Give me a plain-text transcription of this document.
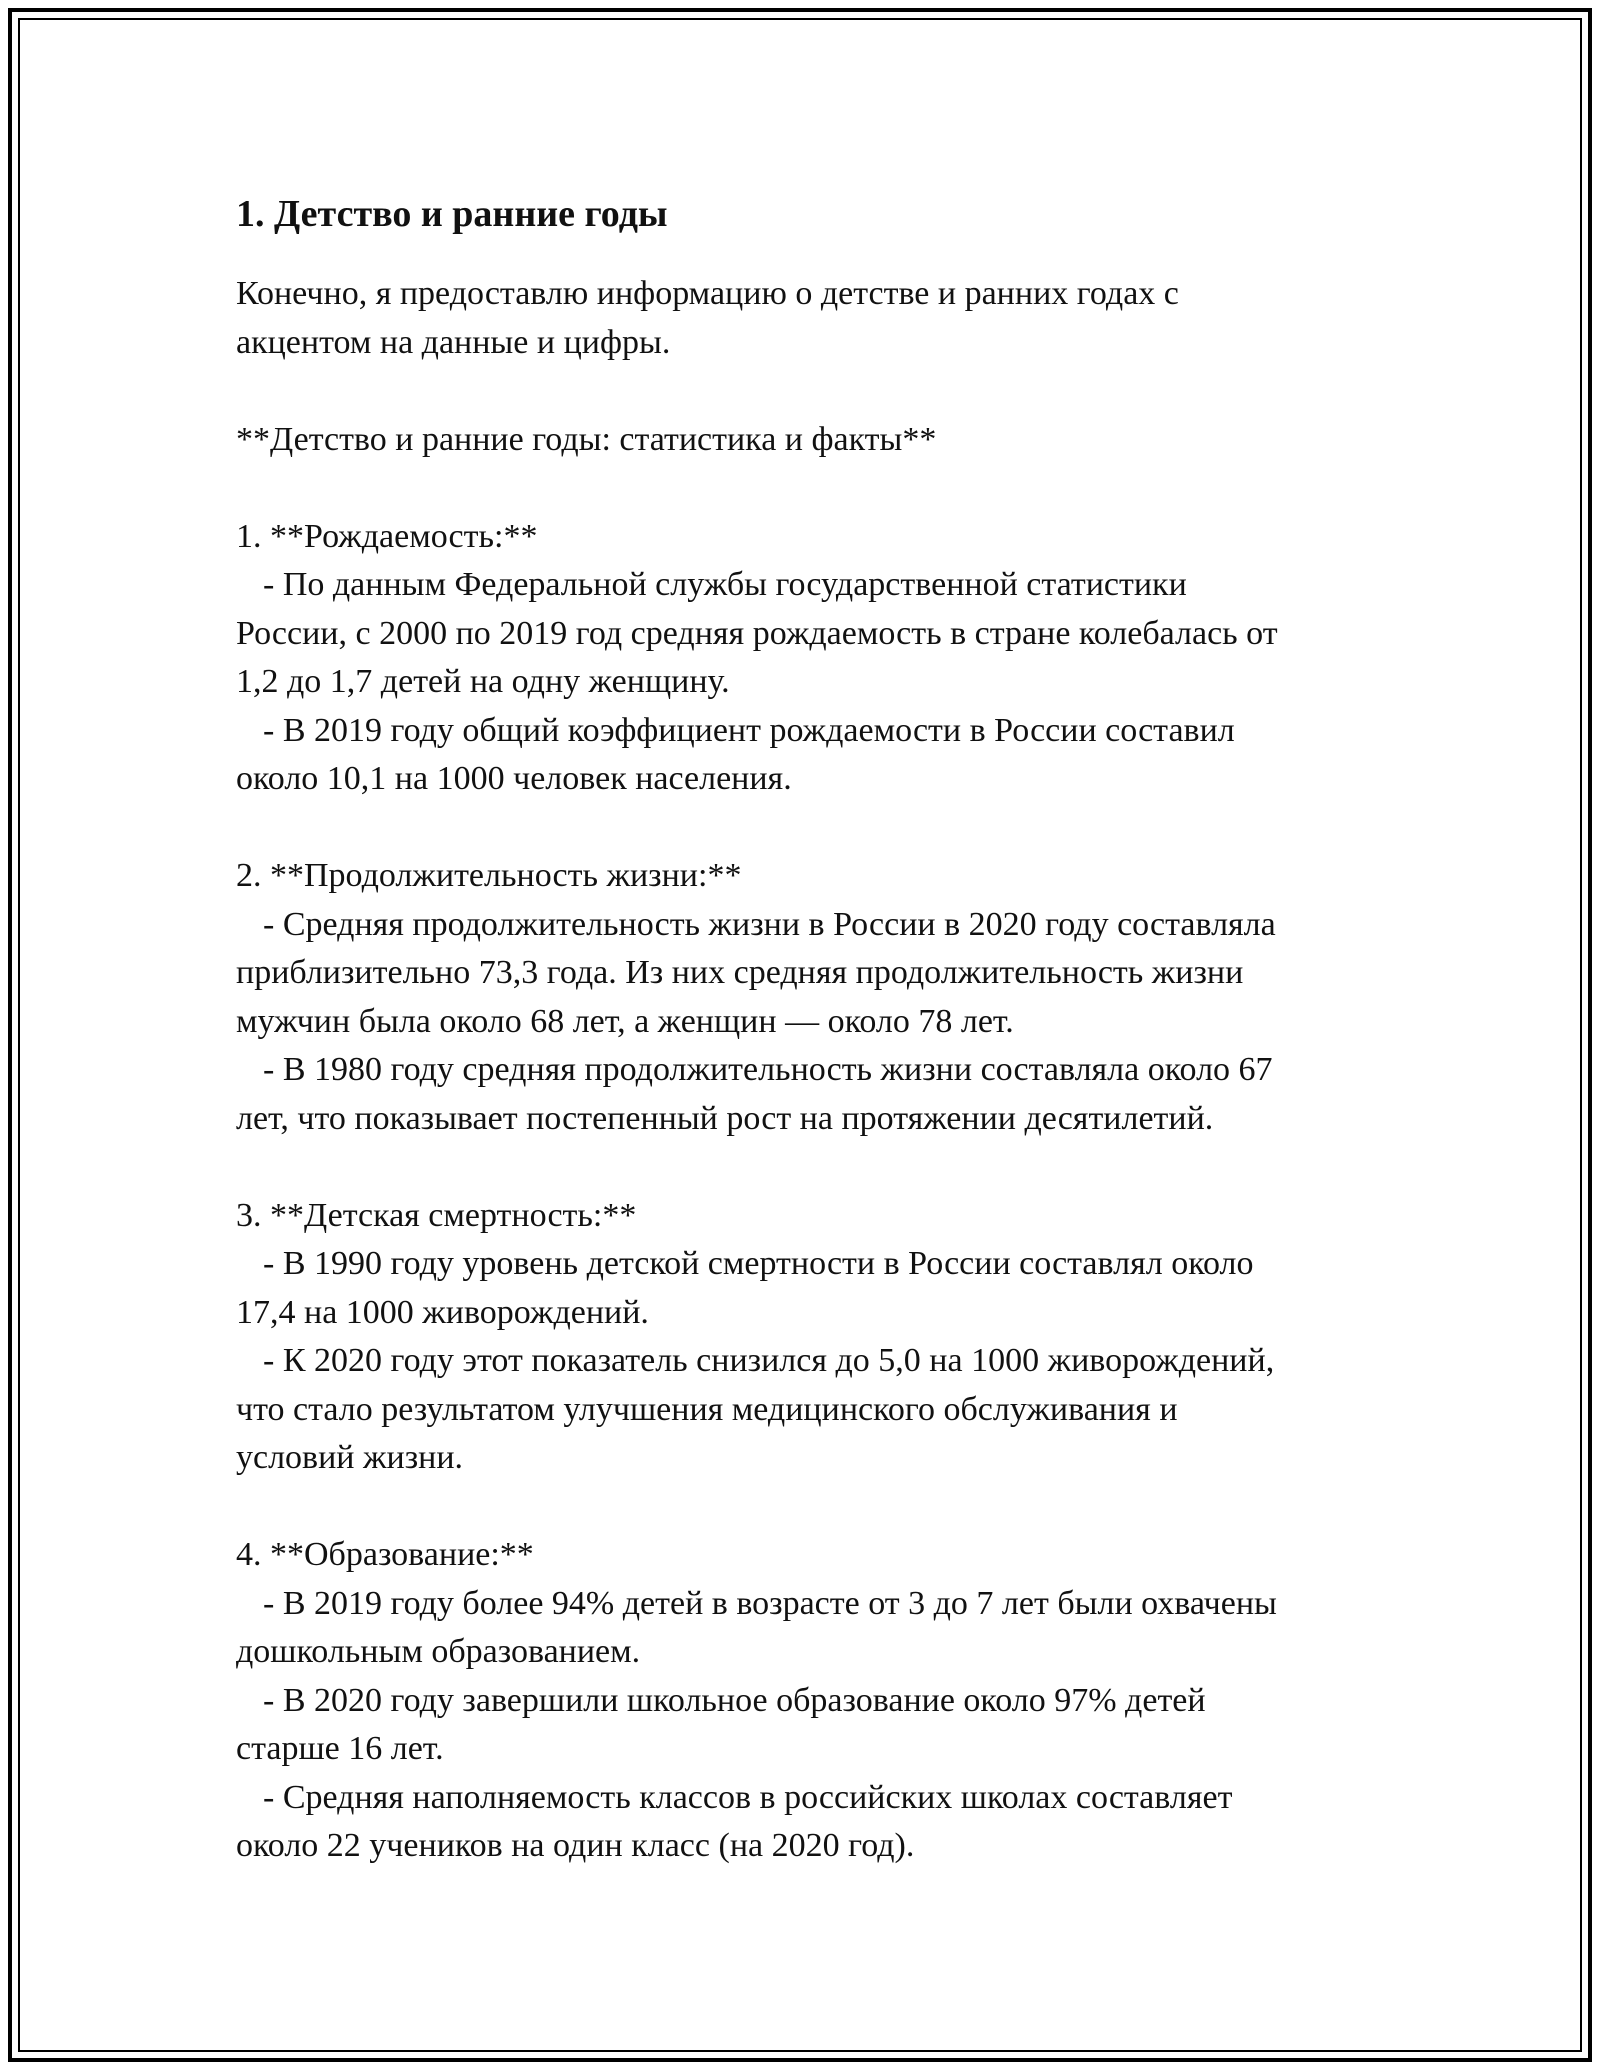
1. Детство и ранние годы
Конечно, я предоставлю информацию о детстве и ранних годах с
акцентом на данные и цифры.
**Детство и ранние годы: статистика и факты**
1. **Рождаемость:**
- По данным Федеральной службы государственной статистики
России, с 2000 по 2019 год средняя рождаемость в стране колебалась от
1,2 до 1,7 детей на одну женщину.
- В 2019 году общий коэффициент рождаемости в России составил
около 10,1 на 1000 человек населения.
2. **Продолжительность жизни:**
- Средняя продолжительность жизни в России в 2020 году составляла
приблизительно 73,3 года. Из них средняя продолжительность жизни
мужчин была около 68 лет, а женщин — около 78 лет.
- В 1980 году средняя продолжительность жизни составляла около 67
лет, что показывает постепенный рост на протяжении десятилетий.
3. **Детская смертность:**
- В 1990 году уровень детской смертности в России составлял около
17,4 на 1000 живорождений.
- К 2020 году этот показатель снизился до 5,0 на 1000 живорождений,
что стало результатом улучшения медицинского обслуживания и
условий жизни.
4. **Образование:**
- В 2019 году более 94% детей в возрасте от 3 до 7 лет были охвачены
дошкольным образованием.
- В 2020 году завершили школьное образование около 97% детей
старше 16 лет.
- Средняя наполняемость классов в российских школах составляет
около 22 учеников на один класс (на 2020 год).
